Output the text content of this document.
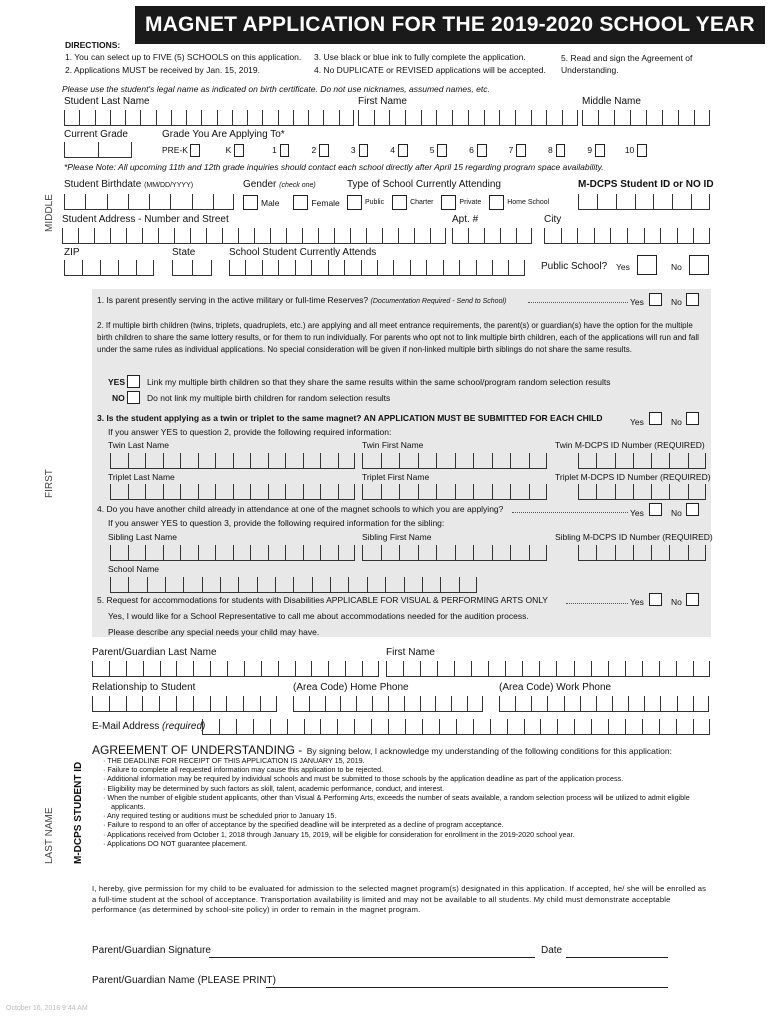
MAGNET APPLICATION FOR THE 2019-2020 SCHOOL YEAR
DIRECTIONS:
1. You can select up to FIVE (5) SCHOOLS on this application.
2. Applications MUST be received by Jan. 15, 2019.
3. Use black or blue ink to fully complete the application.
4. No DUPLICATE or REVISED applications will be accepted.
5. Read and sign the Agreement of Understanding.
Please use the student's legal name as indicated on birth certificate. Do not use nicknames, assumed names, etc.
Student Last Name	First Name	Middle Name
Current Grade	Grade You Are Applying To*
PRE-K	K	1	2	3	4	5	6	7	8	9	10
*Please Note: All upcoming 11th and 12th grade inquiries should contact each school directly after April 15 regarding program space availability.
Student Birthdate (MM/DD/YYYY)	Gender (check one)
Male	Female
Type of School Currently Attending
Public	Charter	Private	Home School
M-DCPS Student ID or NO ID
Student Address - Number and Street	Apt. #	City
ZIP	State	School Student Currently Attends
Public School? Yes	No
1. Is parent presently serving in the active military or full-time Reserves? (Documentation Required - Send to School)	Yes	No
2. If multiple birth children (twins, triplets, quadruplets, etc.) are applying and all meet entrance requirements, the parent(s) or guardian(s) have the option for the multiple birth children to share the same lottery results, or for them to run individually. For parents who opt not to link multiple birth children, each of the applications will run and fall under the same rules as individual applications. No special consideration will be given if non-linked multiple birth siblings do not share the same results.
YES	Link my multiple birth children so that they share the same results within the same school/program random selection results
NO	Do not link my multiple birth children for random selection results
3. Is the student applying as a twin or triplet to the same magnet? AN APPLICATION MUST BE SUBMITTED FOR EACH CHILD	Yes	No
If you answer YES to question 2, provide the following required information:
Twin Last Name	Twin First Name	Twin M-DCPS ID Number (REQUIRED)
Triplet Last Name	Triplet First Name	Triplet M-DCPS ID Number (REQUIRED)
4. Do you have another child already in attendance at one of the magnet schools to which you are applying?	Yes	No
If you answer YES to question 3, provide the following required information for the sibling:
Sibling Last Name	Sibling First Name	Sibling M-DCPS ID Number (REQUIRED)
School Name
5. Request for accommodations for students with Disabilities APPLICABLE FOR VISUAL & PERFORMING ARTS ONLY	Yes	No
Yes, I would like for a School Representative to call me about accommodations needed for the audition process.
Please describe any special needs your child may have.
Parent/Guardian Last Name	First Name
Relationship to Student	(Area Code) Home Phone	(Area Code) Work Phone
E-Mail Address (required)
AGREEMENT OF UNDERSTANDING - By signing below, I acknowledge my understanding of the following conditions for this application:
· THE DEADLINE FOR RECEIPT OF THIS APPLICATION IS JANUARY 15, 2019.
· Failure to complete all requested information may cause this application to be rejected.
· Additional information may be required by individual schools and must be submitted to those schools by the application deadline as part of the application process.
· Eligibility may be determined by such factors as skill, talent, academic performance, conduct, and interest.
· When the number of eligible student applicants, other than Visual & Performing Arts, exceeds the number of seats available, a random selection process will be utilized to admit eligible applicants.
· Any required testing or auditions must be scheduled prior to January 15.
· Failure to respond to an offer of acceptance by the specified deadline will be interpreted as a decline of program acceptance.
· Applications received from October 1, 2018 through January 15, 2019, will be eligible for consideration for enrollment in the 2019-2020 school year.
· Applications DO NOT guarantee placement.
I, hereby, give permission for my child to be evaluated for admission to the selected magnet program(s) designated in this application. If accepted, he/ she will be enrolled as a full-time student at the school of acceptance. Transportation availability is limited and may not be available to all students. My child must demonstrate acceptable performance (as determined by school-site policy) in order to remain in the magnet program.
Parent/Guardian Signature	Date
Parent/Guardian Name (PLEASE PRINT)
MIDDLE
FIRST
LAST NAME M-DCPS STUDENT ID
October 16, 2018 9:44 AM
